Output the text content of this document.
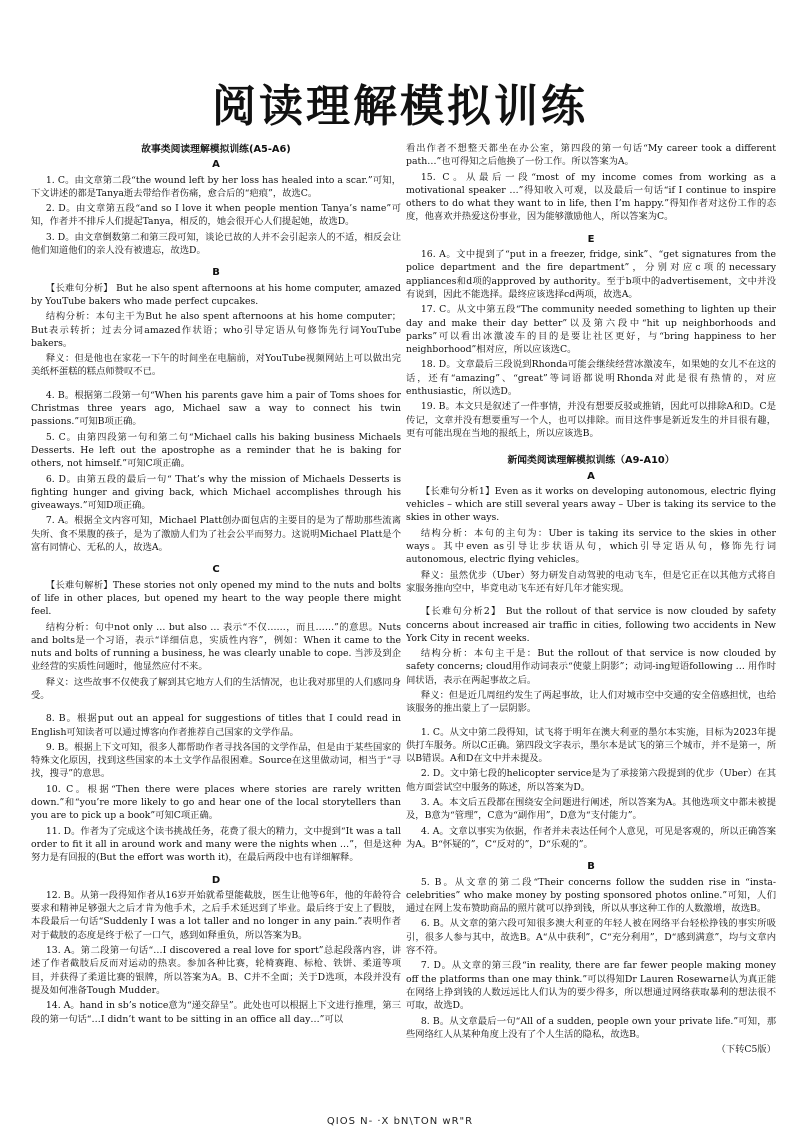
阅读理解模拟训练
故事类阅读理解模拟训练(A5-A6)
A

1. C。由文章第二段“the wound left by her loss has healed into a scar.”可知，下文讲述的都是Tanya逝去带给作者伤痛，愈合后的“疤痕”，故选C。

2. D。由文章第五段“and so I love it when people mention Tanya’s name”可知，作者并不排斥人们提起Tanya，相反的，她会很开心人们提起她，故选D。

3. D。由文章倒数第二和第三段可知，谈论已故的人并不会引起亲人的不适，相反会让他们知道他们的亲人没有被遗忘，故选D。

B

【长难句分析】 But he also spent afternoons at his home computer, amazed by YouTube bakers who made perfect cupcakes.

结构分析：本句主干为But he also spent afternoons at his home computer；But表示转折；过去分词amazed作状语；who引导定语从句修饰先行词YouTube bakers。

释义：但是他也在家花一下午的时间坐在电脑前，对YouTube视频网站上可以做出完美纸杯蛋糕的糕点师赞叹不已。

4. B。根据第二段第一句“When his parents gave him a pair of Toms shoes for Christmas three years ago, Michael saw a way to connect his twin passions.”可知B项正确。

5. C。由第四段第一句和第二句“Michael calls his baking business Michaels Desserts. He left out the apostrophe as a reminder that he is baking for others, not himself.”可知C项正确。

6. D。由第五段的最后一句“ That’s why the mission of Michaels Desserts is fighting hunger and giving back, which Michael accomplishes through his giveaways.”可知D项正确。

7. A。根据全文内容可知，Michael Platt创办面包店的主要目的是为了帮助那些流离失所、食不果腹的孩子，是为了激励人们为了社会公平而努力。这说明Michael Platt是个富有同情心、无私的人，故选A。

C

【长难句解析】These stories not only opened my mind to the nuts and bolts of life in other places, but opened my heart to the way people there might feel.

结构分析：句中not only … but also … 表示“不仅……，而且……”的意思。Nuts and bolts是一个习语，表示“详细信息，实质性内容”，例如：When it came to the nuts and bolts of running a business, he was clearly unable to cope. 当涉及到企业经营的实质性问题时，他显然应付不来。

释义：这些故事不仅使我了解到其它地方人们的生活情况，也让我对那里的人们感同身受。

8. B。根据put out an appeal for suggestions of titles that I could read in English可知读者可以通过博客向作者推荐自己国家的文学作品。

9. B。根据上下文可知，很多人都帮助作者寻找各国的文学作品，但是由于某些国家的特殊文化原因，找到这些国家的本土文学作品很困难。Source在这里做动词，相当于“寻找，搜寻”的意思。

10. C。根据“Then there were places where stories are rarely written down.”和“you’re more likely to go and hear one of the local storytellers than you are to pick up a book”可知C项正确。

11. D。作者为了完成这个读书挑战任务，花费了很大的精力，文中提到“It was a tall order to fit it all in around work and many were the nights when …”，但是这种努力是有回报的(But the effort was worth it)，在最后两段中也有详细解释。

D

12. B。从第一段得知作者从16岁开始就希望能截肢，医生让他等6年，他的年龄符合要求和精神足够强大之后才肯为他手术，之后手术延迟到了毕业。最后终于安上了假肢，本段最后一句话“Suddenly I was a lot taller and no longer in any pain.”表明作者对于截肢的态度是终于松了一口气，感到如释重负，所以答案为B。

13. A。第二段第一句话“…I discovered a real love for sport”总起段落内容，讲述了作者截肢后反而对运动的热衷。参加各种比赛，轮椅赛跑、标枪、铁饼、柔道等项目，并获得了柔道比赛的银牌，所以答案为A。B、C并不全面；关于D选项，本段并没有提及如何准备Tough Mudder。

14. A。hand in sb’s notice意为“递交辞呈”。此处也可以根据上下文进行推理，第三段的第一句话“…I didn’t want to be sitting in an office all day…”可以

看出作者不想整天都坐在办公室，第四段的第一句话“My career took a different path…”也可得知之后他换了一份工作。所以答案为A。

15. C。从最后一段“most of my income comes from working as a motivational speaker …”得知收入可观，以及最后一句话“if I continue to inspire others to do what they want to in life, then I’m happy.”得知作者对这份工作的态度，他喜欢并热爱这份事业，因为能够激励他人，所以答案为C。

E

16. A。文中提到了“put in a freezer, fridge, sink”、“get signatures from the police department and the fire department”，分别对应c项的necessary appliances和d项的approved by authority。至于b项中的advertisement，文中并没有说到，因此不能选择。最终应该选择cd两项，故选A。

17. C。从文中第五段“The community needed something to lighten up their day and make their day better”以及第六段中“hit up neighborhoods and parks”可以看出冰激凌车的目的是要让社区更好，与“bring happiness to her neighborhood”相对应，所以应该选C。

18. D。文章最后三段说到Rhonda可能会继续经营冰激凌车，如果她的女儿不在这的话，还有“amazing”、“great”等词语都说明Rhonda对此是很有热情的，对应enthusiastic，所以选D。

19. B。本文只是叙述了一件事情，并没有想要反驳或推销，因此可以排除A和D。C是传记，文章并没有想要重写一个人，也可以排除。而目这件事是新近发生的并目很有趣，更有可能出现在当地的报纸上，所以应该选B。

新闻类阅读理解模拟训练（A9-A10）
A

【长难句分析1】Even as it works on developing autonomous, electric flying vehicles – which are still several years away – Uber is taking its service to the skies in other ways.

结构分析：本句的主句为：Uber is taking its service to the skies in other ways。其中even as引导让步状语从句，which引导定语从句，修饰先行词autonomous, electric flying vehicles。

释义：虽然优步（Uber）努力研发自动驾驶的电动飞车，但是它正在以其他方式将自家服务推向空中，毕竟电动飞车还有好几年才能实现。

【长难句分析2】 But the rollout of that service is now clouded by safety concerns about increased air traffic in cities, following two accidents in New York City in recent weeks.

结构分析：本句主干是：But the rollout of that service is now clouded by safety concerns; cloud用作动词表示“使蒙上阴影”；动词-ing短语following … 用作时间状语，表示在两起事故之后。

释义：但是近几周纽约发生了两起事故，让人们对城市空中交通的安全倍感担忧，也给该服务的推出蒙上了一层阴影。

1. C。从文中第二段得知，试飞将于明年在澳大利亚的墨尔本实施，目标为2023年提供打车服务。所以C正确。第四段文字表示，墨尔本是试飞的第三个城市，并不是第一，所以B错误。A和D在文中并未提及。

2. D。文中第七段的helicopter service是为了承接第六段提到的优步（Uber）在其他方面尝试空中服务的陈述，所以答案为D。

3. A。本文后五段都在围绕安全问题进行阐述，所以答案为A。其他选项文中都未被提及，B意为“管理”，C意为“副作用”，D意为“支付能力”。

4. A。文章以事实为依据，作者并未表达任何个人意见，可见是客观的，所以正确答案为A。B“怀疑的”，C“反对的”，D“乐观的”。

B

5. B。从文章的第二段“Their concerns follow the sudden rise in “insta-celebrities” who make money by posting sponsored photos online.”可知，人们通过在网上发布赞助商品的照片就可以挣到钱，所以从事这种工作的人数激增，故选B。

6. B。从文章的第六段可知很多澳大利亚的年轻人被在网络平台轻松挣钱的事实所吸引，很多人参与其中，故选B。A“从中获利”，C“充分利用”，D“感到满意”，均与文章内容不符。

7. D。从文章的第三段“in reality, there are far fewer people making money off the platforms than one may think.”可以得知Dr Lauren Rosewarne认为真正能在网络上挣到钱的人数远远比人们认为的要少得多，所以想通过网络获取暴利的想法很不可取，故选D。

8. B。从文章最后一句“All of a sudden, people own your private life.”可知，那些网络红人从某种角度上没有了个人生活的隐私，故选B。

（下转C5版）
QIOS N- ·X bN\TON wR"R
